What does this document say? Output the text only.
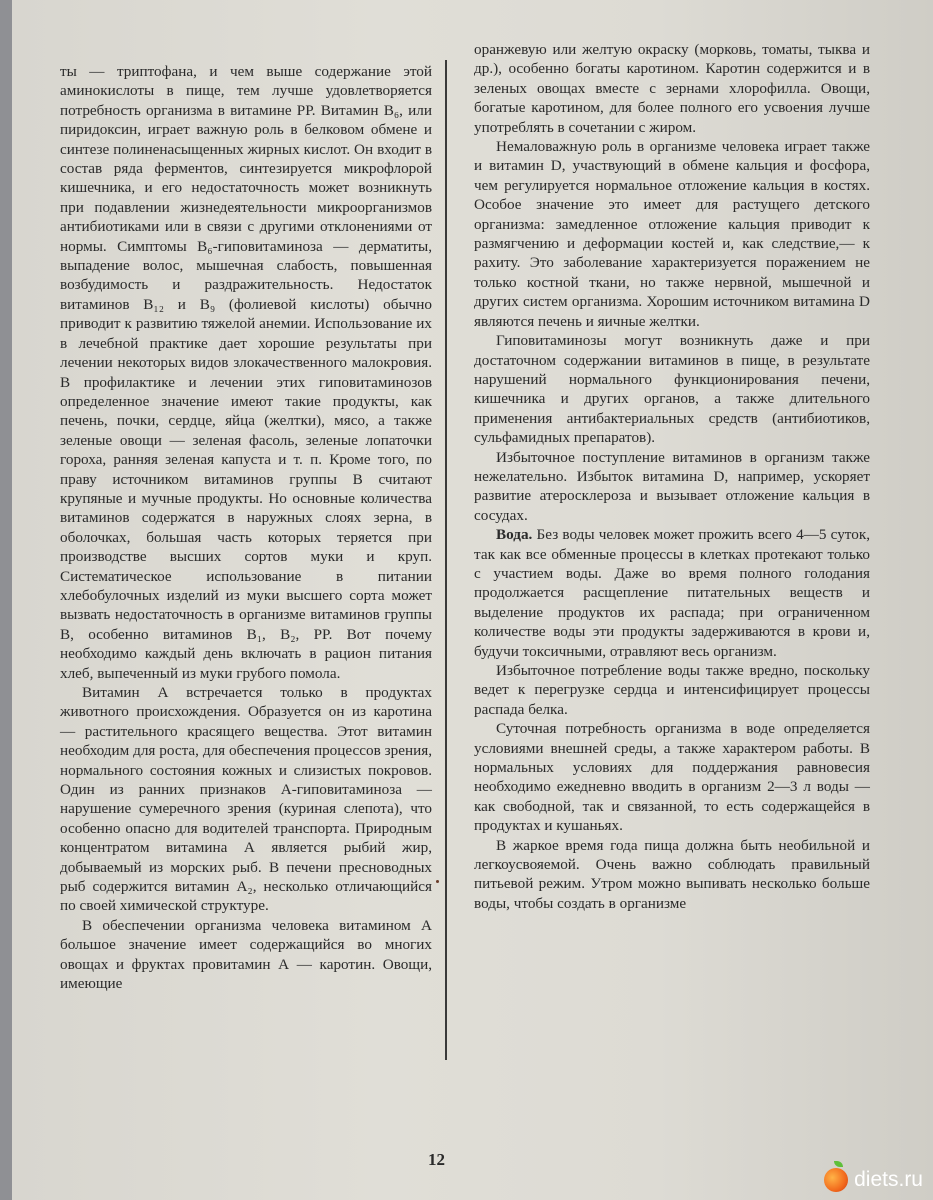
ты — триптофана, и чем выше содержание этой аминокислоты в пище, тем лучше удовлетворяется потребность организма в витамине РР. Витамин B₆, или пиридоксин, играет важную роль в белковом обмене и синтезе полиненасыщенных жирных кислот. Он входит в состав ряда ферментов, синтезируется микрофлорой кишечника, и его недостаточность может возникнуть при подавлении жизнедеятельности микроорганизмов антибиотиками или в связи с другими отклонениями от нормы. Симптомы B₆-гиповитаминоза — дерматиты, выпадение волос, мышечная слабость, повышенная возбудимость и раздражительность. Недостаток витаминов B₁₂ и B₉ (фолиевой кислоты) обычно приводит к развитию тяжелой анемии. Использование их в лечебной практике дает хорошие результаты при лечении некоторых видов злокачественного малокровия. В профилактике и лечении этих гиповитаминозов определенное значение имеют такие продукты, как печень, почки, сердце, яйца (желтки), мясо, а также зеленые овощи — зеленая фасоль, зеленые лопаточки гороха, ранняя зеленая капуста и т. п. Кроме того, по праву источником витаминов группы В считают крупяные и мучные продукты. Но основные количества витаминов содержатся в наружных слоях зерна, в оболочках, большая часть которых теряется при производстве высших сортов муки и круп. Систематическое использование в питании хлебобулочных изделий из муки высшего сорта может вызвать недостаточность в организме витаминов группы В, особенно витаминов B₁, B₂, РР. Вот почему необходимо каждый день включать в рацион питания хлеб, выпеченный из муки грубого помола.

Витамин А встречается только в продуктах животного происхождения. Образуется он из каротина — растительного красящего вещества. Этот витамин необходим для роста, для обеспечения процессов зрения, нормального состояния кожных и слизистых покровов. Один из ранних признаков А-гиповитаминоза — нарушение сумеречного зрения (куриная слепота), что особенно опасно для водителей транспорта. Природным концентратом витамина А является рыбий жир, добываемый из морских рыб. В печени пресноводных рыб содержится витамин A₂, несколько отличающийся по своей химической структуре.

В обеспечении организма человека витамином А большое значение имеет содержащийся во многих овощах и фруктах провитамин А — каротин. Овощи, имеющие

оранжевую или желтую окраску (морковь, томаты, тыква и др.), особенно богаты каротином. Каротин содержится и в зеленых овощах вместе с зернами хлорофилла. Овощи, богатые каротином, для более полного его усвоения лучше употреблять в сочетании с жиром.

Немаловажную роль в организме человека играет также и витамин D, участвующий в обмене кальция и фосфора, чем регулируется нормальное отложение кальция в костях. Особое значение это имеет для растущего детского организма: замедленное отложение кальция приводит к размягчению и деформации костей и, как следствие,— к рахиту. Это заболевание характеризуется поражением не только костной ткани, но также нервной, мышечной и других систем организма. Хорошим источником витамина D являются печень и яичные желтки.

Гиповитаминозы могут возникнуть даже и при достаточном содержании витаминов в пище, в результате нарушений нормального функционирования печени, кишечника и других органов, а также длительного применения антибактериальных средств (антибиотиков, сульфамидных препаратов).

Избыточное поступление витаминов в организм также нежелательно. Избыток витамина D, например, ускоряет развитие атеросклероза и вызывает отложение кальция в сосудах.

Вода. Без воды человек может прожить всего 4—5 суток, так как все обменные процессы в клетках протекают только с участием воды. Даже во время полного голодания продолжается расщепление питательных веществ и выделение продуктов их распада; при ограниченном количестве воды эти продукты задерживаются в крови и, будучи токсичными, отравляют весь организм.

Избыточное потребление воды также вредно, поскольку ведет к перегрузке сердца и интенсифицирует процессы распада белка.

Суточная потребность организма в воде определяется условиями внешней среды, а также характером работы. В нормальных условиях для поддержания равновесия необходимо ежедневно вводить в организм 2—3 л воды — как свободной, так и связанной, то есть содержащейся в продуктах и кушаньях.

В жаркое время года пища должна быть необильной и легкоусвояемой. Очень важно соблюдать правильный питьевой режим. Утром можно выпивать несколько больше воды, чтобы создать в организме

12
diets.ru
